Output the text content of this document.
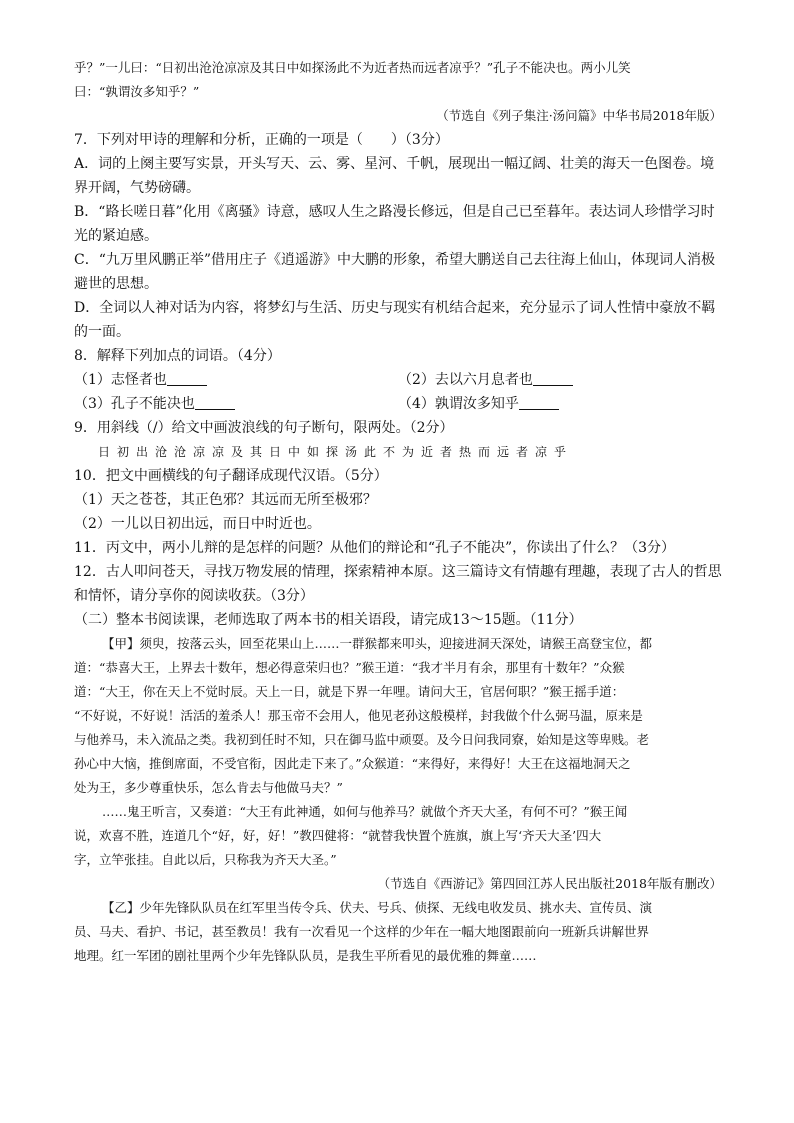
乎？”一儿曰：“日初出沧沧凉凉及其日中如探汤此不为近者热而远者凉乎？”孔子不能决也。两小儿笑
曰：“孰谓汝多知乎？”
（节选自《列子集注·汤问篇》中华书局2018年版）
7．下列对甲诗的理解和分析，正确的一项是（　　）（3分）
A．词的上阕主要写实景，开头写天、云、雾、星河、千帆，展现出一幅辽阔、壮美的海天一色图卷。境
界开阔，气势磅礴。
B．“路长嗟日暮”化用《离骚》诗意，感叹人生之路漫长修远，但是自己已至暮年。表达词人珍惜学习时
光的紧迫感。
C．“九万里风鹏正举”借用庄子《逍遥游》中大鹏的形象，希望大鹏送自己去往海上仙山，体现词人消极
避世的思想。
D．全词以人神对话为内容，将梦幻与生活、历史与现实有机结合起来，充分显示了词人性情中豪放不羁
的一面。
8．解释下列加点的词语。（4分）
（1）志怪者也	（2）去以六月息者也
（3）孔子不能决也	（4）孰谓汝多知乎
9．用斜线（/）给文中画波浪线的句子断句，限两处。（2分）
日初出沧沧凉凉及其日中如探汤此不为近者热而远者凉乎
10．把文中画横线的句子翻译成现代汉语。（5分）
（1）天之苍苍，其正色邪？其远而无所至极邪？
（2）一儿以日初出远，而日中时近也。
11．丙文中，两小儿辩的是怎样的问题？从他们的辩论和“孔子不能决”，你读出了什么？（3分）
12．古人叩问苍天，寻找万物发展的情理，探索精神本原。这三篇诗文有情趣有理趣，表现了古人的哲思
和情怀，请分享你的阅读收获。（3分）
（二）整本书阅读课，老师选取了两本书的相关语段，请完成13～15题。（11分）
【甲】须臾，按落云头，回至花果山上……一群猴都来叩头，迎接进洞天深处，请猴王高登宝位，都
道：“恭喜大王，上界去十数年，想必得意荣归也？”猴王道：“我才半月有余，那里有十数年？”众猴
道：“大王，你在天上不觉时辰。天上一日，就是下界一年哩。请问大王，官居何职？”猴王摇手道：
“不好说，不好说！活活的羞杀人！那玉帝不会用人，他见老孙这般模样，封我做个什么弼马温，原来是
与他养马，未入流品之类。我初到任时不知，只在御马监中顽耍。及今日问我同寮，始知是这等卑贱。老
孙心中大恼，推倒席面，不受官衔，因此走下来了。”众猴道：“来得好，来得好！大王在这福地洞天之
处为王，多少尊重快乐，怎么肯去与他做马夫？”
……鬼王听言，又奏道：“大王有此神通，如何与他养马？就做个齐天大圣，有何不可？”猴王闻
说，欢喜不胜，连道几个“好，好，好！”教四健将：“就替我快置个旌旗，旗上写‘齐天大圣’四大
字，立竿张挂。自此以后，只称我为齐天大圣。”
（节选自《西游记》第四回江苏人民出版社2018年版有删改）
【乙】少年先锋队队员在红军里当传令兵、伏夫、号兵、侦探、无线电收发员、挑水夫、宣传员、演
员、马夫、看护、书记，甚至教员！我有一次看见一个这样的少年在一幅大地图跟前向一班新兵讲解世界
地理。红一军团的剧社里两个少年先锋队队员，是我生平所看见的最优雅的舞童……
